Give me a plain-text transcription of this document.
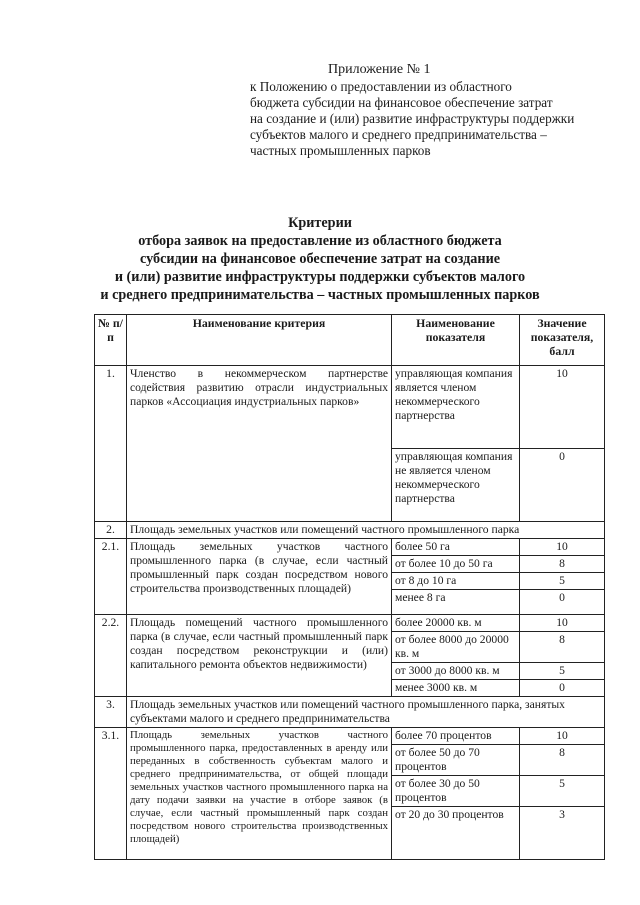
Приложение № 1
к Положению о предоставлении из областного
бюджета субсидии на финансовое обеспечение затрат
на создание и (или) развитие инфраструктуры поддержки
субъектов малого и среднего предпринимательства –
частных промышленных парков
Критерии
отбора заявок на предоставление из областного бюджета
субсидии на финансовое обеспечение затрат на создание
и (или) развитие инфраструктуры поддержки субъектов малого
и среднего предпринимательства – частных промышленных парков
№ п/п	Наименование критерия	Наименование показателя	Значение показателя, балл
1.	Членство в некоммерческом партнерстве содействия развитию отрасли индустриальных парков «Ассоциация индустриальных парков»	управляющая компания является членом некоммерческого партнерства	10
		управляющая компания не является членом некоммерческого партнерства	0
2.	Площадь земельных участков или помещений частного промышленного парка		
2.1.	Площадь земельных участков частного промышленного парка (в случае, если частный промышленный парк создан посредством нового строительства производственных площадей)	более 50 га	10
		от более 10 до 50 га	8
		от 8 до 10 га	5
		менее 8 га	0
2.2.	Площадь помещений частного промышленного парка (в случае, если частный промышленный парк создан посредством реконструкции и (или) капитального ремонта объектов недвижимости)	более 20000 кв. м	10
		от более 8000 до 20000 кв. м	8
		от 3000 до 8000 кв. м	5
		менее 3000 кв. м	0
3.	Площадь земельных участков или помещений частного промышленного парка, занятых субъектами малого и среднего предпринимательства		
3.1.	Площадь земельных участков частного промышленного парка, предоставленных в аренду или переданных в собственность субъектам малого и среднего предпринимательства, от общей площади земельных участков частного промышленного парка на дату подачи заявки на участие в отборе заявок (в случае, если частный промышленный парк создан посредством нового строительства производственных площадей)	более 70 процентов	10
		от более 50 до 70 процентов	8
		от более 30 до 50 процентов	5
		от 20 до 30 процентов	3
